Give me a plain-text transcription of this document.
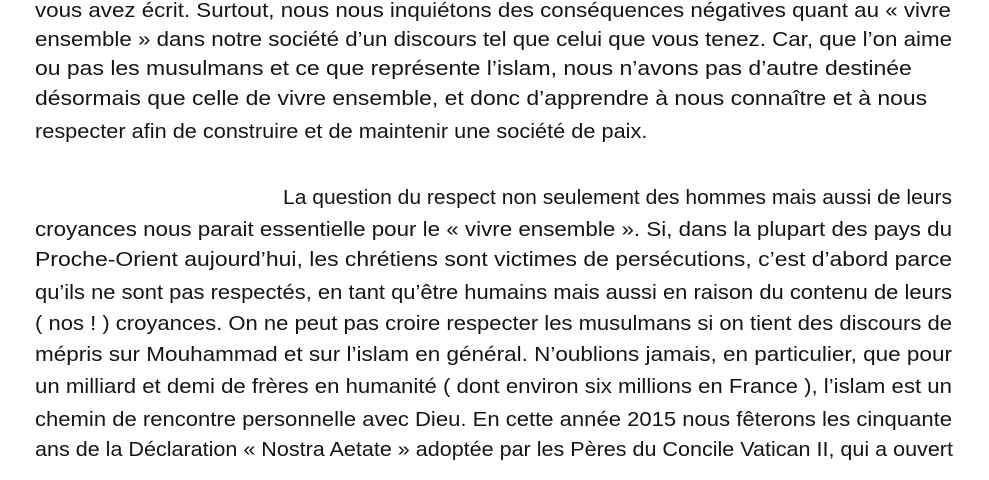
vous avez écrit. Surtout, nous nous inquiétons des conséquences négatives quant au « vivre
ensemble » dans notre société d’un discours tel que celui que vous tenez. Car, que l’on aime
ou pas les musulmans et ce que représente l’islam, nous n’avons pas d’autre destinée
désormais que celle de vivre ensemble, et donc d’apprendre à nous connaître et à nous
respecter afin de construire et de maintenir une société de paix.
La question du respect non seulement des hommes mais aussi de leurs
croyances nous parait essentielle pour le « vivre ensemble ». Si, dans la plupart des pays du
Proche-Orient aujourd’hui, les chrétiens sont victimes de persécutions, c’est d’abord parce
qu’ils ne sont pas respectés, en tant qu’être humains mais aussi en raison du contenu de leurs
( nos ! ) croyances. On ne peut pas croire respecter les musulmans si on tient des discours de
mépris sur Mouhammad et sur l’islam en général. N’oublions jamais, en particulier, que pour
un milliard et demi de frères en humanité ( dont environ six millions en France ), l’islam est un
chemin de rencontre personnelle avec Dieu. En cette année 2015 nous fêterons les cinquante
ans de la Déclaration « Nostra Aetate » adoptée par les Pères du Concile Vatican II, qui a ouvert
